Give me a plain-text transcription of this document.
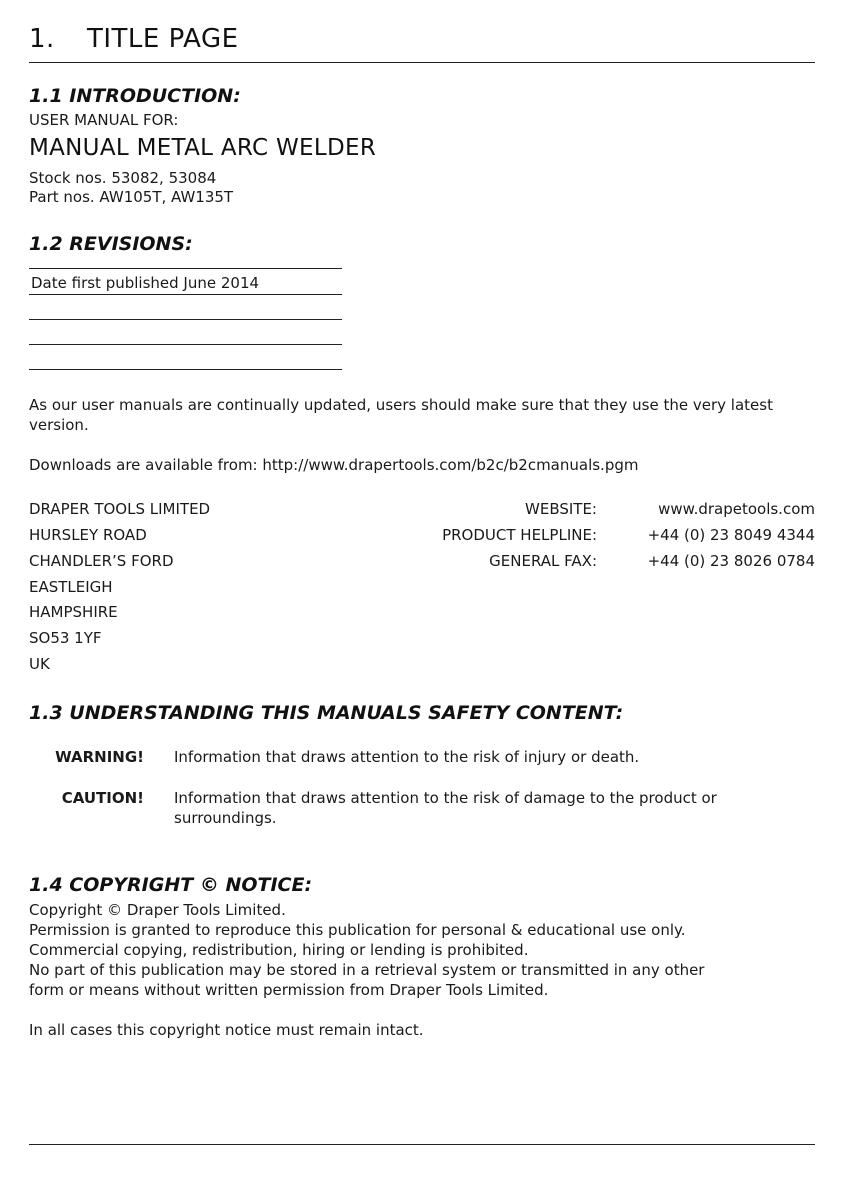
1. TITLE PAGE
1.1 INTRODUCTION:
USER MANUAL FOR:
MANUAL METAL ARC WELDER
Stock nos. 53082, 53084
Part nos. AW105T, AW135T
1.2 REVISIONS:
Date first published June 2014
As our user manuals are continually updated, users should make sure that they use the very latest version.
Downloads are available from: http://www.drapertools.com/b2c/b2cmanuals.pgm
DRAPER TOOLS LIMITED
HURSLEY ROAD
CHANDLER’S FORD
EASTLEIGH
HAMPSHIRE
SO53 1YF
UK
WEBSITE:	www.drapetools.com
PRODUCT HELPLINE:	+44 (0) 23 8049 4344
GENERAL FAX:	+44 (0) 23 8026 0784
1.3 UNDERSTANDING THIS MANUALS SAFETY CONTENT:
WARNING! Information that draws attention to the risk of injury or death.
CAUTION! Information that draws attention to the risk of damage to the product or surroundings.
1.4 COPYRIGHT © NOTICE:
Copyright © Draper Tools Limited.
Permission is granted to reproduce this publication for personal & educational use only.
Commercial copying, redistribution, hiring or lending is prohibited.
No part of this publication may be stored in a retrieval system or transmitted in any other
form or means without written permission from Draper Tools Limited.
In all cases this copyright notice must remain intact.
